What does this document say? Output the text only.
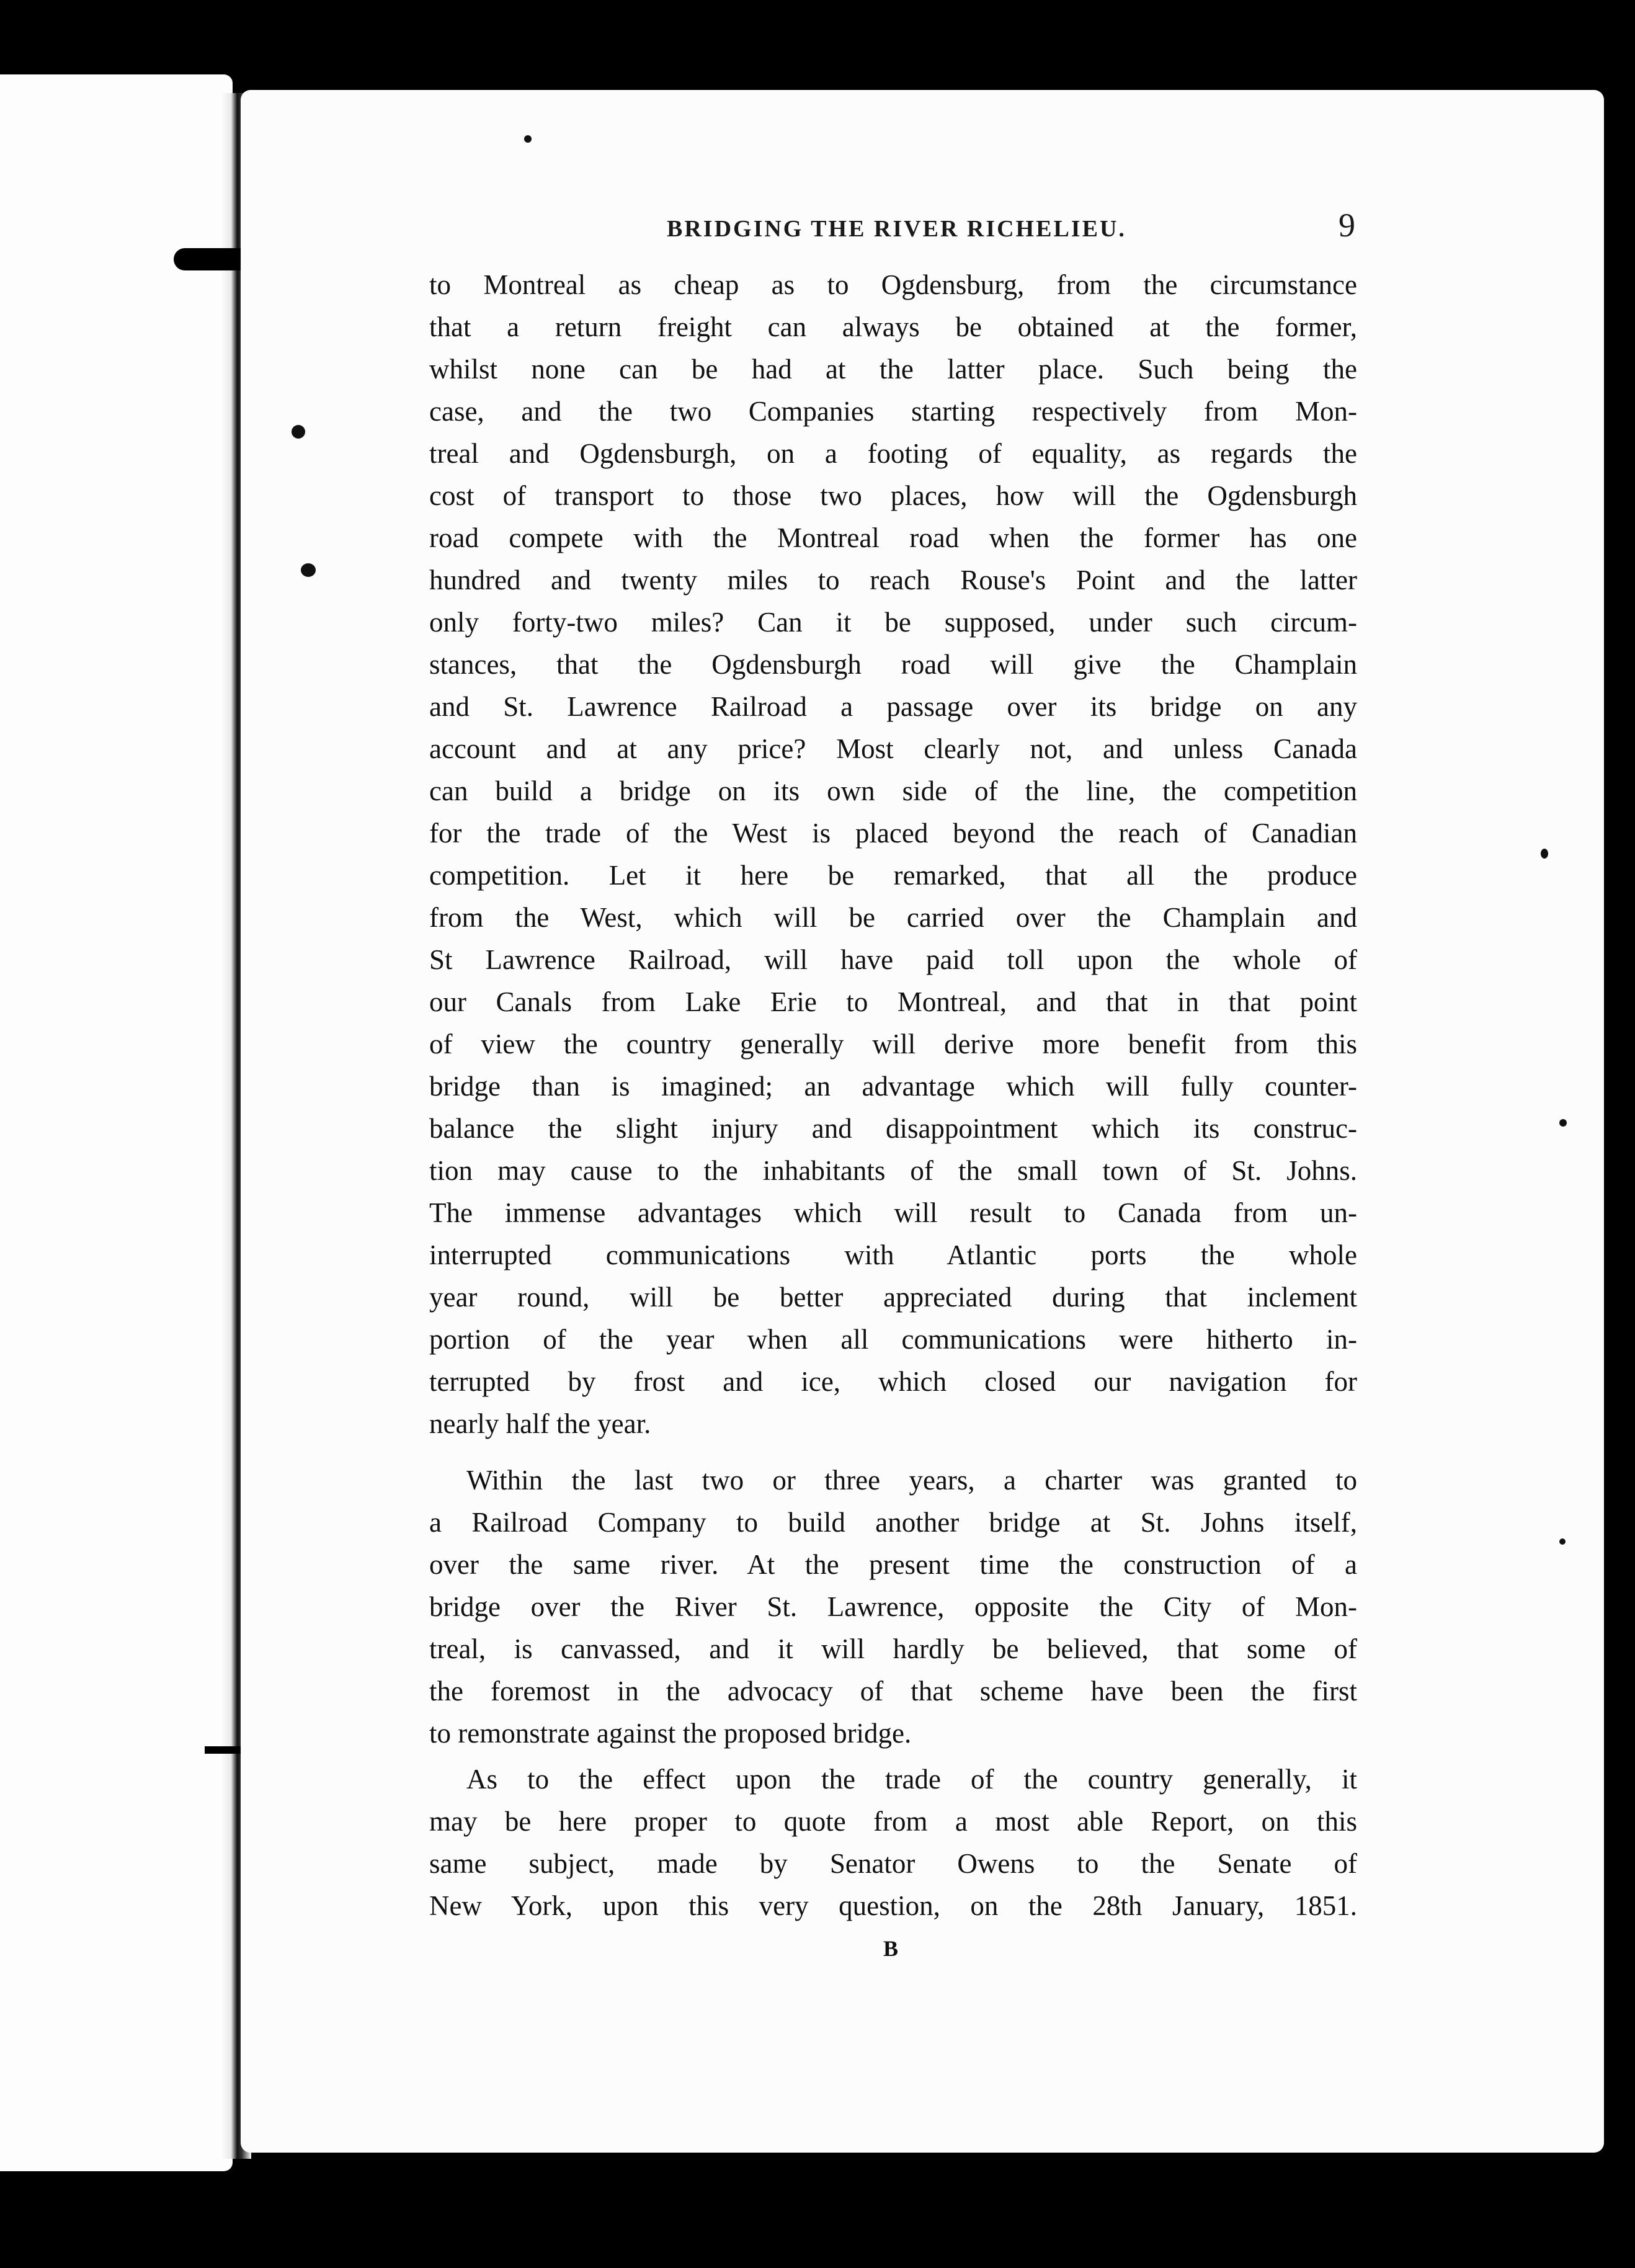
BRIDGING THE RIVER RICHELIEU.	9
to Montreal as cheap as to Ogdensburg, from the circumstance
that a return freight can always be obtained at the former,
whilst none can be had at the latter place. Such being the
case, and the two Companies starting respectively from Mon-
treal and Ogdensburgh, on a footing of equality, as regards the
cost of transport to those two places, how will the Ogdensburgh
road compete with the Montreal road when the former has one
hundred and twenty miles to reach Rouse's Point and the latter
only forty-two miles? Can it be supposed, under such circum-
stances, that the Ogdensburgh road will give the Champlain
and St. Lawrence Railroad a passage over its bridge on any
account and at any price? Most clearly not, and unless Canada
can build a bridge on its own side of the line, the competition
for the trade of the West is placed beyond the reach of Canadian
competition. Let it here be remarked, that all the produce
from the West, which will be carried over the Champlain and
St Lawrence Railroad, will have paid toll upon the whole of
our Canals from Lake Erie to Montreal, and that in that point
of view the country generally will derive more benefit from this
bridge than is imagined; an advantage which will fully counter-
balance the slight injury and disappointment which its construc-
tion may cause to the inhabitants of the small town of St. Johns.
The immense advantages which will result to Canada from un-
interrupted communications with Atlantic ports the whole
year round, will be better appreciated during that inclement
portion of the year when all communications were hitherto in-
terrupted by frost and ice, which closed our navigation for
nearly half the year.
Within the last two or three years, a charter was granted to
a Railroad Company to build another bridge at St. Johns itself,
over the same river. At the present time the construction of a
bridge over the River St. Lawrence, opposite the City of Mon-
treal, is canvassed, and it will hardly be believed, that some of
the foremost in the advocacy of that scheme have been the first
to remonstrate against the proposed bridge.
As to the effect upon the trade of the country generally, it
may be here proper to quote from a most able Report, on this
same subject, made by Senator Owens to the Senate of
New York, upon this very question, on the 28th January, 1851.
B
